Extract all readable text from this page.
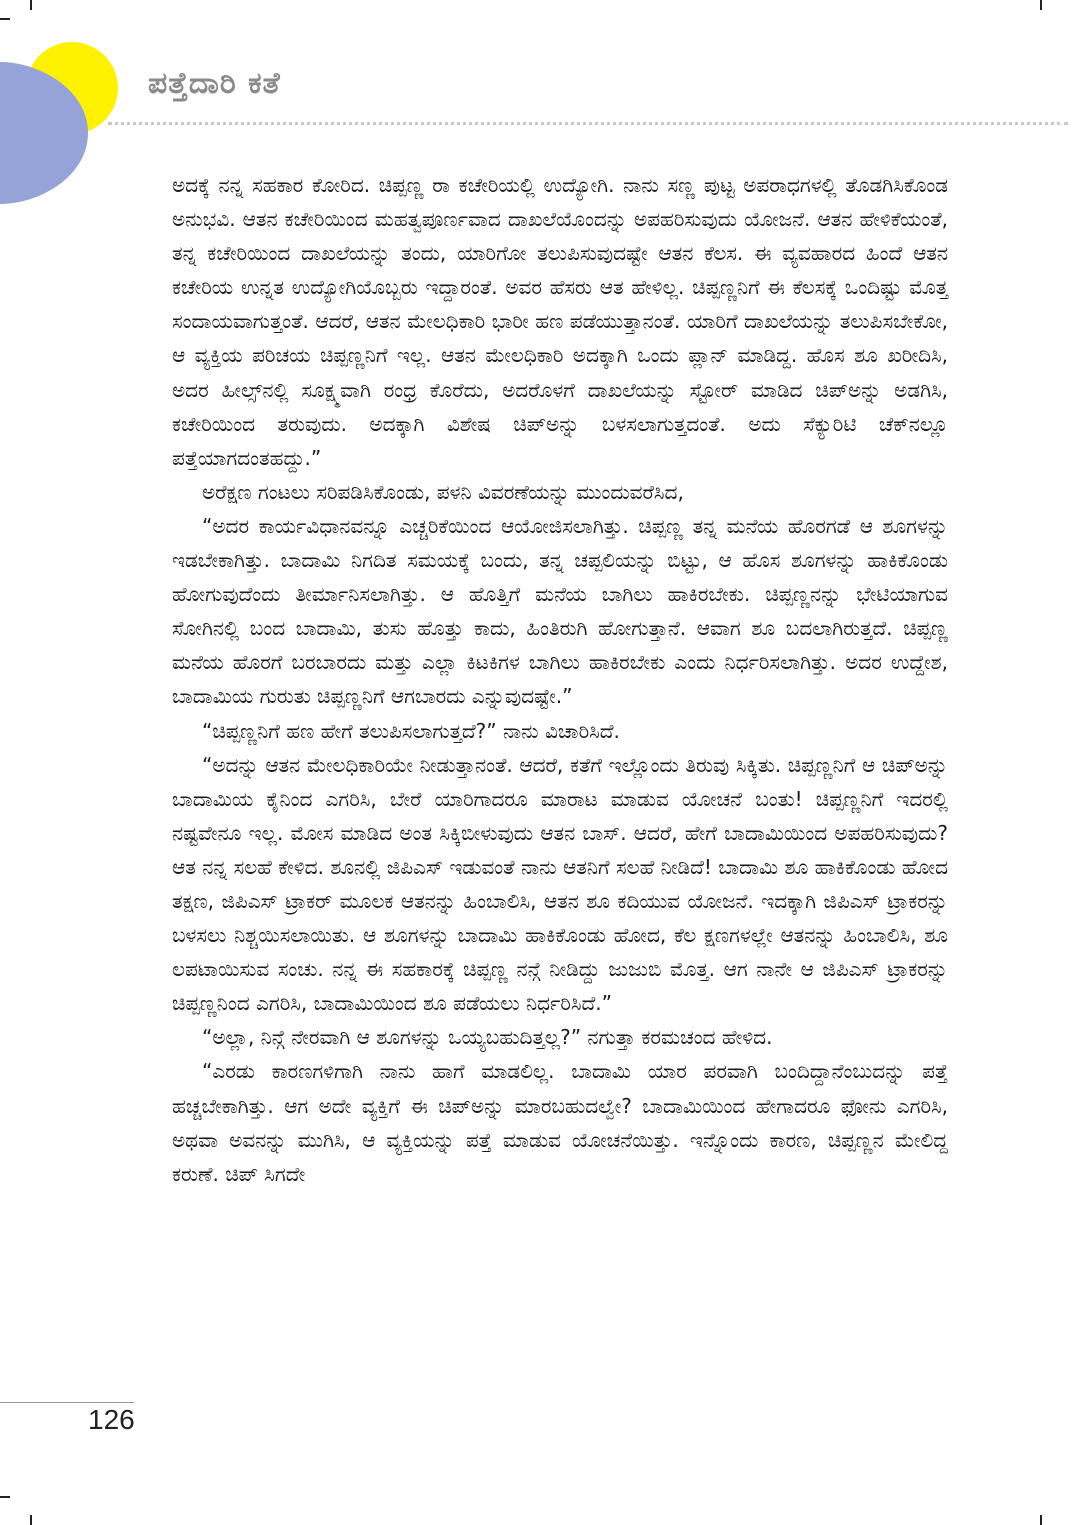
ಪತ್ತೆದಾರಿ ಕತೆ

ಅದಕ್ಕೆ ನನ್ನ ಸಹಕಾರ ಕೋರಿದ. ಚಿಪ್ಪಣ್ಣ ರಾ ಕಚೇರಿಯಲ್ಲಿ ಉದ್ಯೋಗಿ. ನಾನು ಸಣ್ಣ ಪುಟ್ಟ ಅಪರಾಧಗಳಲ್ಲಿ ತೊಡಗಿಸಿಕೊಂಡ ಅನುಭವಿ. ಆತನ ಕಚೇರಿಯಿಂದ ಮಹತ್ವಪೂರ್ಣವಾದ ದಾಖಲೆಯೊಂದನ್ನು ಅಪಹರಿಸುವುದು ಯೋಜನೆ. ಆತನ ಹೇಳಿಕೆಯಂತೆ, ತನ್ನ ಕಚೇರಿಯಿಂದ ದಾಖಲೆಯನ್ನು ತಂದು, ಯಾರಿಗೋ ತಲುಪಿಸುವುದಷ್ಟೇ ಆತನ ಕೆಲಸ. ಈ ವ್ಯವಹಾರದ ಹಿಂದೆ ಆತನ ಕಚೇರಿಯ ಉನ್ನತ ಉದ್ಯೋಗಿಯೊಬ್ಬರು ಇದ್ದಾರಂತೆ. ಅವರ ಹೆಸರು ಆತ ಹೇಳಿಲ್ಲ. ಚಿಪ್ಪಣ್ಣನಿಗೆ ಈ ಕೆಲಸಕ್ಕೆ ಒಂದಿಷ್ಟು ಮೊತ್ತ ಸಂದಾಯವಾಗುತ್ತಂತೆ. ಆದರೆ, ಆತನ ಮೇಲಧಿಕಾರಿ ಭಾರೀ ಹಣ ಪಡೆಯುತ್ತಾನಂತೆ. ಯಾರಿಗೆ ದಾಖಲೆಯನ್ನು ತಲುಪಿಸಬೇಕೋ, ಆ ವ್ಯಕ್ತಿಯ ಪರಿಚಯ ಚಿಪ್ಪಣ್ಣನಿಗೆ ಇಲ್ಲ. ಆತನ ಮೇಲಧಿಕಾರಿ ಅದಕ್ಕಾಗಿ ಒಂದು ಪ್ಲಾನ್ ಮಾಡಿದ್ದ. ಹೊಸ ಶೂ ಖರೀದಿಸಿ, ಅದರ ಹೀಲ್ಸ್‌ನಲ್ಲಿ ಸೂಕ್ಷ್ಮವಾಗಿ ರಂಧ್ರ ಕೊರೆದು, ಅದರೊಳಗೆ ದಾಖಲೆಯನ್ನು ಸ್ಟೋರ್ ಮಾಡಿದ ಚಿಪ್‌ಅನ್ನು ಅಡಗಿಸಿ, ಕಚೇರಿಯಿಂದ ತರುವುದು. ಅದಕ್ಕಾಗಿ ವಿಶೇಷ ಚಿಪ್‌ಅನ್ನು ಬಳಸಲಾಗುತ್ತದಂತೆ. ಅದು ಸೆಕ್ಯುರಿಟಿ ಚೆಕ್‌ನಲ್ಲೂ ಪತ್ತೆಯಾಗದಂತಹದ್ದು.”

ಅರೆಕ್ಷಣ ಗಂಟಲು ಸರಿಪಡಿಸಿಕೊಂಡು, ಪಳನಿ ವಿವರಣೆಯನ್ನು ಮುಂದುವರೆಸಿದ,

“ಅದರ ಕಾರ್ಯವಿಧಾನವನ್ನೂ ಎಚ್ಚರಿಕೆಯಿಂದ ಆಯೋಜಿಸಲಾಗಿತ್ತು. ಚಿಪ್ಪಣ್ಣ ತನ್ನ ಮನೆಯ ಹೊರಗಡೆ ಆ ಶೂಗಳನ್ನು ಇಡಬೇಕಾಗಿತ್ತು. ಬಾದಾಮಿ ನಿಗದಿತ ಸಮಯಕ್ಕೆ ಬಂದು, ತನ್ನ ಚಪ್ಪಲಿಯನ್ನು ಬಿಟ್ಟು, ಆ ಹೊಸ ಶೂಗಳನ್ನು ಹಾಕಿಕೊಂಡು ಹೋಗುವುದೆಂದು ತೀರ್ಮಾನಿಸಲಾಗಿತ್ತು. ಆ ಹೊತ್ತಿಗೆ ಮನೆಯ ಬಾಗಿಲು ಹಾಕಿರಬೇಕು. ಚಿಪ್ಪಣ್ಣನನ್ನು ಭೇಟಿಯಾಗುವ ಸೋಗಿನಲ್ಲಿ ಬಂದ ಬಾದಾಮಿ, ತುಸು ಹೊತ್ತು ಕಾದು, ಹಿಂತಿರುಗಿ ಹೋಗುತ್ತಾನೆ. ಆವಾಗ ಶೂ ಬದಲಾಗಿರುತ್ತದೆ. ಚಿಪ್ಪಣ್ಣ ಮನೆಯ ಹೊರಗೆ ಬರಬಾರದು ಮತ್ತು ಎಲ್ಲಾ ಕಿಟಕಿಗಳ ಬಾಗಿಲು ಹಾಕಿರಬೇಕು ಎಂದು ನಿರ್ಧರಿಸಲಾಗಿತ್ತು. ಅದರ ಉದ್ದೇಶ, ಬಾದಾಮಿಯ ಗುರುತು ಚಿಪ್ಪಣ್ಣನಿಗೆ ಆಗಬಾರದು ಎನ್ನುವುದಷ್ಟೇ.”

“ಚಿಪ್ಪಣ್ಣನಿಗೆ ಹಣ ಹೇಗೆ ತಲುಪಿಸಲಾಗುತ್ತದೆ?” ನಾನು ವಿಚಾರಿಸಿದೆ.

“ಅದನ್ನು ಆತನ ಮೇಲಧಿಕಾರಿಯೇ ನೀಡುತ್ತಾನಂತೆ. ಆದರೆ, ಕತೆಗೆ ಇಲ್ಲೊಂದು ತಿರುವು ಸಿಕ್ಕಿತು. ಚಿಪ್ಪಣ್ಣನಿಗೆ ಆ ಚಿಪ್‌ಅನ್ನು ಬಾದಾಮಿಯ ಕೈನಿಂದ ಎಗರಿಸಿ, ಬೇರೆ ಯಾರಿಗಾದರೂ ಮಾರಾಟ ಮಾಡುವ ಯೋಚನೆ ಬಂತು! ಚಿಪ್ಪಣ್ಣನಿಗೆ ಇದರಲ್ಲಿ ನಷ್ಟವೇನೂ ಇಲ್ಲ. ಮೋಸ ಮಾಡಿದ ಅಂತ ಸಿಕ್ಕಿಬೀಳುವುದು ಆತನ ಬಾಸ್. ಆದರೆ, ಹೇಗೆ ಬಾದಾಮಿಯಿಂದ ಅಪಹರಿಸುವುದು? ಆತ ನನ್ನ ಸಲಹೆ ಕೇಳಿದ. ಶೂನಲ್ಲಿ ಜಿಪಿಎಸ್ ಇಡುವಂತೆ ನಾನು ಆತನಿಗೆ ಸಲಹೆ ನೀಡಿದೆ! ಬಾದಾಮಿ ಶೂ ಹಾಕಿಕೊಂಡು ಹೋದ ತಕ್ಷಣ, ಜಿಪಿಎಸ್ ಟ್ರಾಕರ್ ಮೂಲಕ ಆತನನ್ನು ಹಿಂಬಾಲಿಸಿ, ಆತನ ಶೂ ಕದಿಯುವ ಯೋಜನೆ. ಇದಕ್ಕಾಗಿ ಜಿಪಿಎಸ್ ಟ್ರಾಕರನ್ನು ಬಳಸಲು ನಿಶ್ಚಯಿಸಲಾಯಿತು. ಆ ಶೂಗಳನ್ನು ಬಾದಾಮಿ ಹಾಕಿಕೊಂಡು ಹೋದ, ಕೆಲ ಕ್ಷಣಗಳಲ್ಲೇ ಆತನನ್ನು ಹಿಂಬಾಲಿಸಿ, ಶೂ ಲಪಟಾಯಿಸುವ ಸಂಚು. ನನ್ನ ಈ ಸಹಕಾರಕ್ಕೆ ಚಿಪ್ಪಣ್ಣ ನನ್ಗೆ ನೀಡಿದ್ದು ಜುಜುಬಿ ಮೊತ್ತ. ಆಗ ನಾನೇ ಆ ಜಿಪಿಎಸ್ ಟ್ರಾಕರನ್ನು ಚಿಪ್ಪಣ್ಣನಿಂದ ಎಗರಿಸಿ, ಬಾದಾಮಿಯಿಂದ ಶೂ ಪಡೆಯಲು ನಿರ್ಧರಿಸಿದೆ.”

“ಅಲ್ಲಾ, ನಿನ್ಗೆ ನೇರವಾಗಿ ಆ ಶೂಗಳನ್ನು ಒಯ್ಯಬಹುದಿತ್ತಲ್ಲ?” ನಗುತ್ತಾ ಕರಮಚಂದ ಹೇಳಿದ.

“ಎರಡು ಕಾರಣಗಳಿಗಾಗಿ ನಾನು ಹಾಗೆ ಮಾಡಲಿಲ್ಲ. ಬಾದಾಮಿ ಯಾರ ಪರವಾಗಿ ಬಂದಿದ್ದಾನೆಂಬುದನ್ನು ಪತ್ತೆ ಹಚ್ಚಬೇಕಾಗಿತ್ತು. ಆಗ ಅದೇ ವ್ಯಕ್ತಿಗೆ ಈ ಚಿಪ್‌ಅನ್ನು ಮಾರಬಹುದಲ್ವೇ? ಬಾದಾಮಿಯಿಂದ ಹೇಗಾದರೂ ಫೋನು ಎಗರಿಸಿ, ಅಥವಾ ಅವನನ್ನು ಮುಗಿಸಿ, ಆ ವ್ಯಕ್ತಿಯನ್ನು ಪತ್ತೆ ಮಾಡುವ ಯೋಚನೆಯಿತ್ತು. ಇನ್ನೊಂದು ಕಾರಣ, ಚಿಪ್ಪಣ್ಣನ ಮೇಲಿದ್ದ ಕರುಣೆ. ಚಿಪ್ ಸಿಗದೇ

126
